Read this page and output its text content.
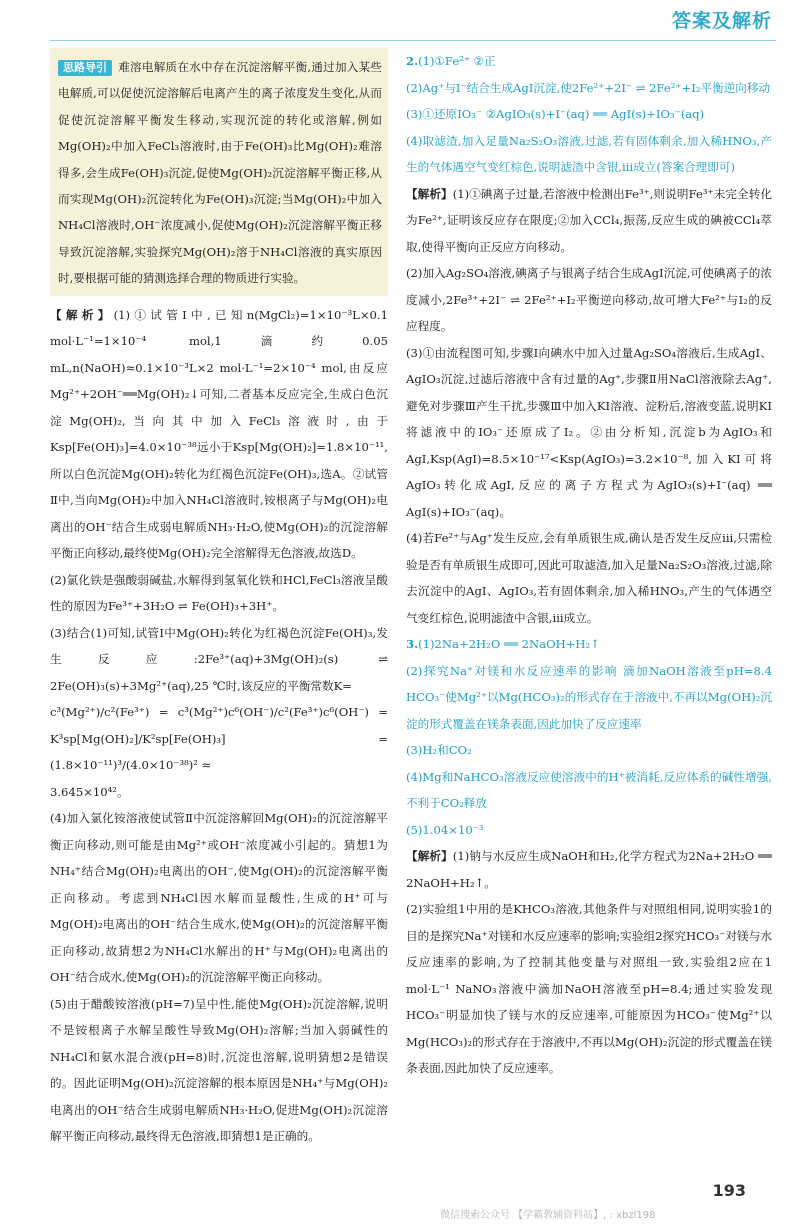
答案及解析
思路导引 难溶电解质在水中存在沉淀溶解平衡,通过加入某些电解质,可以促使沉淀溶解后电离产生的离子浓度发生变化,从而促使沉淀溶解平衡发生移动,实现沉淀的转化或溶解,例如Mg(OH)₂中加入FeCl₃溶液时,由于Fe(OH)₃比Mg(OH)₂难溶得多,会生成Fe(OH)₃沉淀,促使Mg(OH)₂沉淀溶解平衡正移,从而实现Mg(OH)₂沉淀转化为Fe(OH)₃沉淀;当Mg(OH)₂中加入NH₄Cl溶液时,OH⁻浓度减小,促使Mg(OH)₂沉淀溶解平衡正移导致沉淀溶解,实验探究Mg(OH)₂溶于NH₄Cl溶液的真实原因时,要根据可能的猜测选择合理的物质进行实验。

【解析】(1)①试管Ⅰ中,已知n(MgCl₂)=1×10⁻³L×0.1 mol·L⁻¹=1×10⁻⁴ mol,1滴约0.05 mL,n(NaOH)≈0.1×10⁻³L×2 mol·L⁻¹=2×10⁻⁴ mol,由反应Mg²⁺+2OH⁻══Mg(OH)₂↓可知,二者基本反应完全,生成白色沉淀Mg(OH)₂,当向其中加入FeCl₃溶液时,由于Ksp[Fe(OH)₃]=4.0×10⁻³⁸远小于Ksp[Mg(OH)₂]=1.8×10⁻¹¹,所以白色沉淀Mg(OH)₂转化为红褐色沉淀Fe(OH)₃,选A。②试管Ⅱ中,当向Mg(OH)₂中加入NH₄Cl溶液时,铵根离子与Mg(OH)₂电离出的OH⁻结合生成弱电解质NH₃·H₂O,使Mg(OH)₂的沉淀溶解平衡正向移动,最终使Mg(OH)₂完全溶解得无色溶液,故选D。

(2)氯化铁是强酸弱碱盐,水解得到氢氧化铁和HCl,FeCl₃溶液呈酸性的原因为Fe³⁺+3H₂O ⇌ Fe(OH)₃+3H⁺。

(3)结合(1)可知,试管Ⅰ中Mg(OH)₂转化为红褐色沉淀Fe(OH)₃,发生反应:2Fe³⁺(aq)+3Mg(OH)₂(s) ⇌ 2Fe(OH)₃(s)+3Mg²⁺(aq),25 ℃时,该反应的平衡常数K=

c³(Mg²⁺)/c²(Fe³⁺) = c³(Mg²⁺)c⁶(OH⁻)/c²(Fe³⁺)c⁶(OH⁻) = K³sp[Mg(OH)₂]/K²sp[Fe(OH)₃] = (1.8×10⁻¹¹)³/(4.0×10⁻³⁸)² ≈

3.645×10⁴²。

(4)加入氯化铵溶液使试管Ⅱ中沉淀溶解回Mg(OH)₂的沉淀溶解平衡正向移动,则可能是由Mg²⁺或OH⁻浓度减小引起的。猜想1为NH₄⁺结合Mg(OH)₂电离出的OH⁻,使Mg(OH)₂的沉淀溶解平衡正向移动。考虑到NH₄Cl因水解而显酸性,生成的H⁺可与Mg(OH)₂电离出的OH⁻结合生成水,使Mg(OH)₂的沉淀溶解平衡正向移动,故猜想2为NH₄Cl水解出的H⁺与Mg(OH)₂电离出的OH⁻结合成水,使Mg(OH)₂的沉淀溶解平衡正向移动。

(5)由于醋酸铵溶液(pH=7)呈中性,能使Mg(OH)₂沉淀溶解,说明不是铵根离子水解呈酸性导致Mg(OH)₂溶解;当加入弱碱性的NH₄Cl和氨水混合液(pH=8)时,沉淀也溶解,说明猜想2是错误的。因此证明Mg(OH)₂沉淀溶解的根本原因是NH₄⁺与Mg(OH)₂电离出的OH⁻结合生成弱电解质NH₃·H₂O,促进Mg(OH)₂沉淀溶解平衡正向移动,最终得无色溶液,即猜想1是正确的。

2.(1)①Fe²⁺ ②正

(2)Ag⁺与I⁻结合生成AgI沉淀,使2Fe²⁺+2I⁻ ⇌ 2Fe²⁺+I₂平衡逆向移动

(3)①还原IO₃⁻ ②AgIO₃(s)+I⁻(aq) ══ AgI(s)+IO₃⁻(aq)

(4)取滤渣,加入足量Na₂S₂O₃溶液,过滤,若有固体剩余,加入稀HNO₃,产生的气体遇空气变红棕色,说明滤渣中含银,ⅲ成立(答案合理即可)

【解析】(1)①碘离子过量,若溶液中检测出Fe³⁺,则说明Fe³⁺未完全转化为Fe²⁺,证明该反应存在限度;②加入CCl₄,振荡,反应生成的碘被CCl₄萃取,使得平衡向正反应方向移动。

(2)加入Ag₂SO₄溶液,碘离子与银离子结合生成AgI沉淀,可使碘离子的浓度减小,2Fe³⁺+2I⁻ ⇌ 2Fe²⁺+I₂平衡逆向移动,故可增大Fe²⁺与I₂的反应程度。

(3)①由流程图可知,步骤Ⅰ向碘水中加入过量Ag₂SO₄溶液后,生成AgI、AgIO₃沉淀,过滤后溶液中含有过量的Ag⁺,步骤Ⅱ用NaCl溶液除去Ag⁺,避免对步骤Ⅲ产生干扰,步骤Ⅲ中加入KI溶液、淀粉后,溶液变蓝,说明KI将滤液中的IO₃⁻还原成了I₂。②由分析知,沉淀b为AgIO₃和AgI,Ksp(AgI)=8.5×10⁻¹⁷<Ksp(AgIO₃)=3.2×10⁻⁸,加入KI可将AgIO₃转化成AgI,反应的离子方程式为AgIO₃(s)+I⁻(aq) ══ AgI(s)+IO₃⁻(aq)。

(4)若Fe²⁺与Ag⁺发生反应,会有单质银生成,确认是否发生反应ⅲ,只需检验是否有单质银生成即可,因此可取滤渣,加入足量Na₂S₂O₃溶液,过滤,除去沉淀中的AgI、AgIO₃,若有固体剩余,加入稀HNO₃,产生的气体遇空气变红棕色,说明滤渣中含银,ⅲ成立。

3.(1)2Na+2H₂O ══ 2NaOH+H₂↑

(2)探究Na⁺对镁和水反应速率的影响 滴加NaOH溶液至pH=8.4 HCO₃⁻使Mg²⁺以Mg(HCO₃)₂的形式存在于溶液中,不再以Mg(OH)₂沉淀的形式覆盖在镁条表面,因此加快了反应速率

(3)H₂和CO₂

(4)Mg和NaHCO₃溶液反应使溶液中的H⁺被消耗,反应体系的碱性增强,不利于CO₂释放

(5)1.04×10⁻³

【解析】(1)钠与水反应生成NaOH和H₂,化学方程式为2Na+2H₂O ══ 2NaOH+H₂↑。

(2)实验组1中用的是KHCO₃溶液,其他条件与对照组相同,说明实验1的目的是探究Na⁺对镁和水反应速率的影响;实验组2探究HCO₃⁻对镁与水反应速率的影响,为了控制其他变量与对照组一致,实验组2应在1 mol·L⁻¹ NaNO₃溶液中滴加NaOH溶液至pH=8.4;通过实验发现HCO₃⁻明显加快了镁与水的反应速率,可能原因为HCO₃⁻使Mg²⁺以Mg(HCO₃)₂的形式存在于溶液中,不再以Mg(OH)₂沉淀的形式覆盖在镁条表面,因此加快了反应速率。

193
微信搜索公众号 【学霸教辅资料站】, : xbzl198
